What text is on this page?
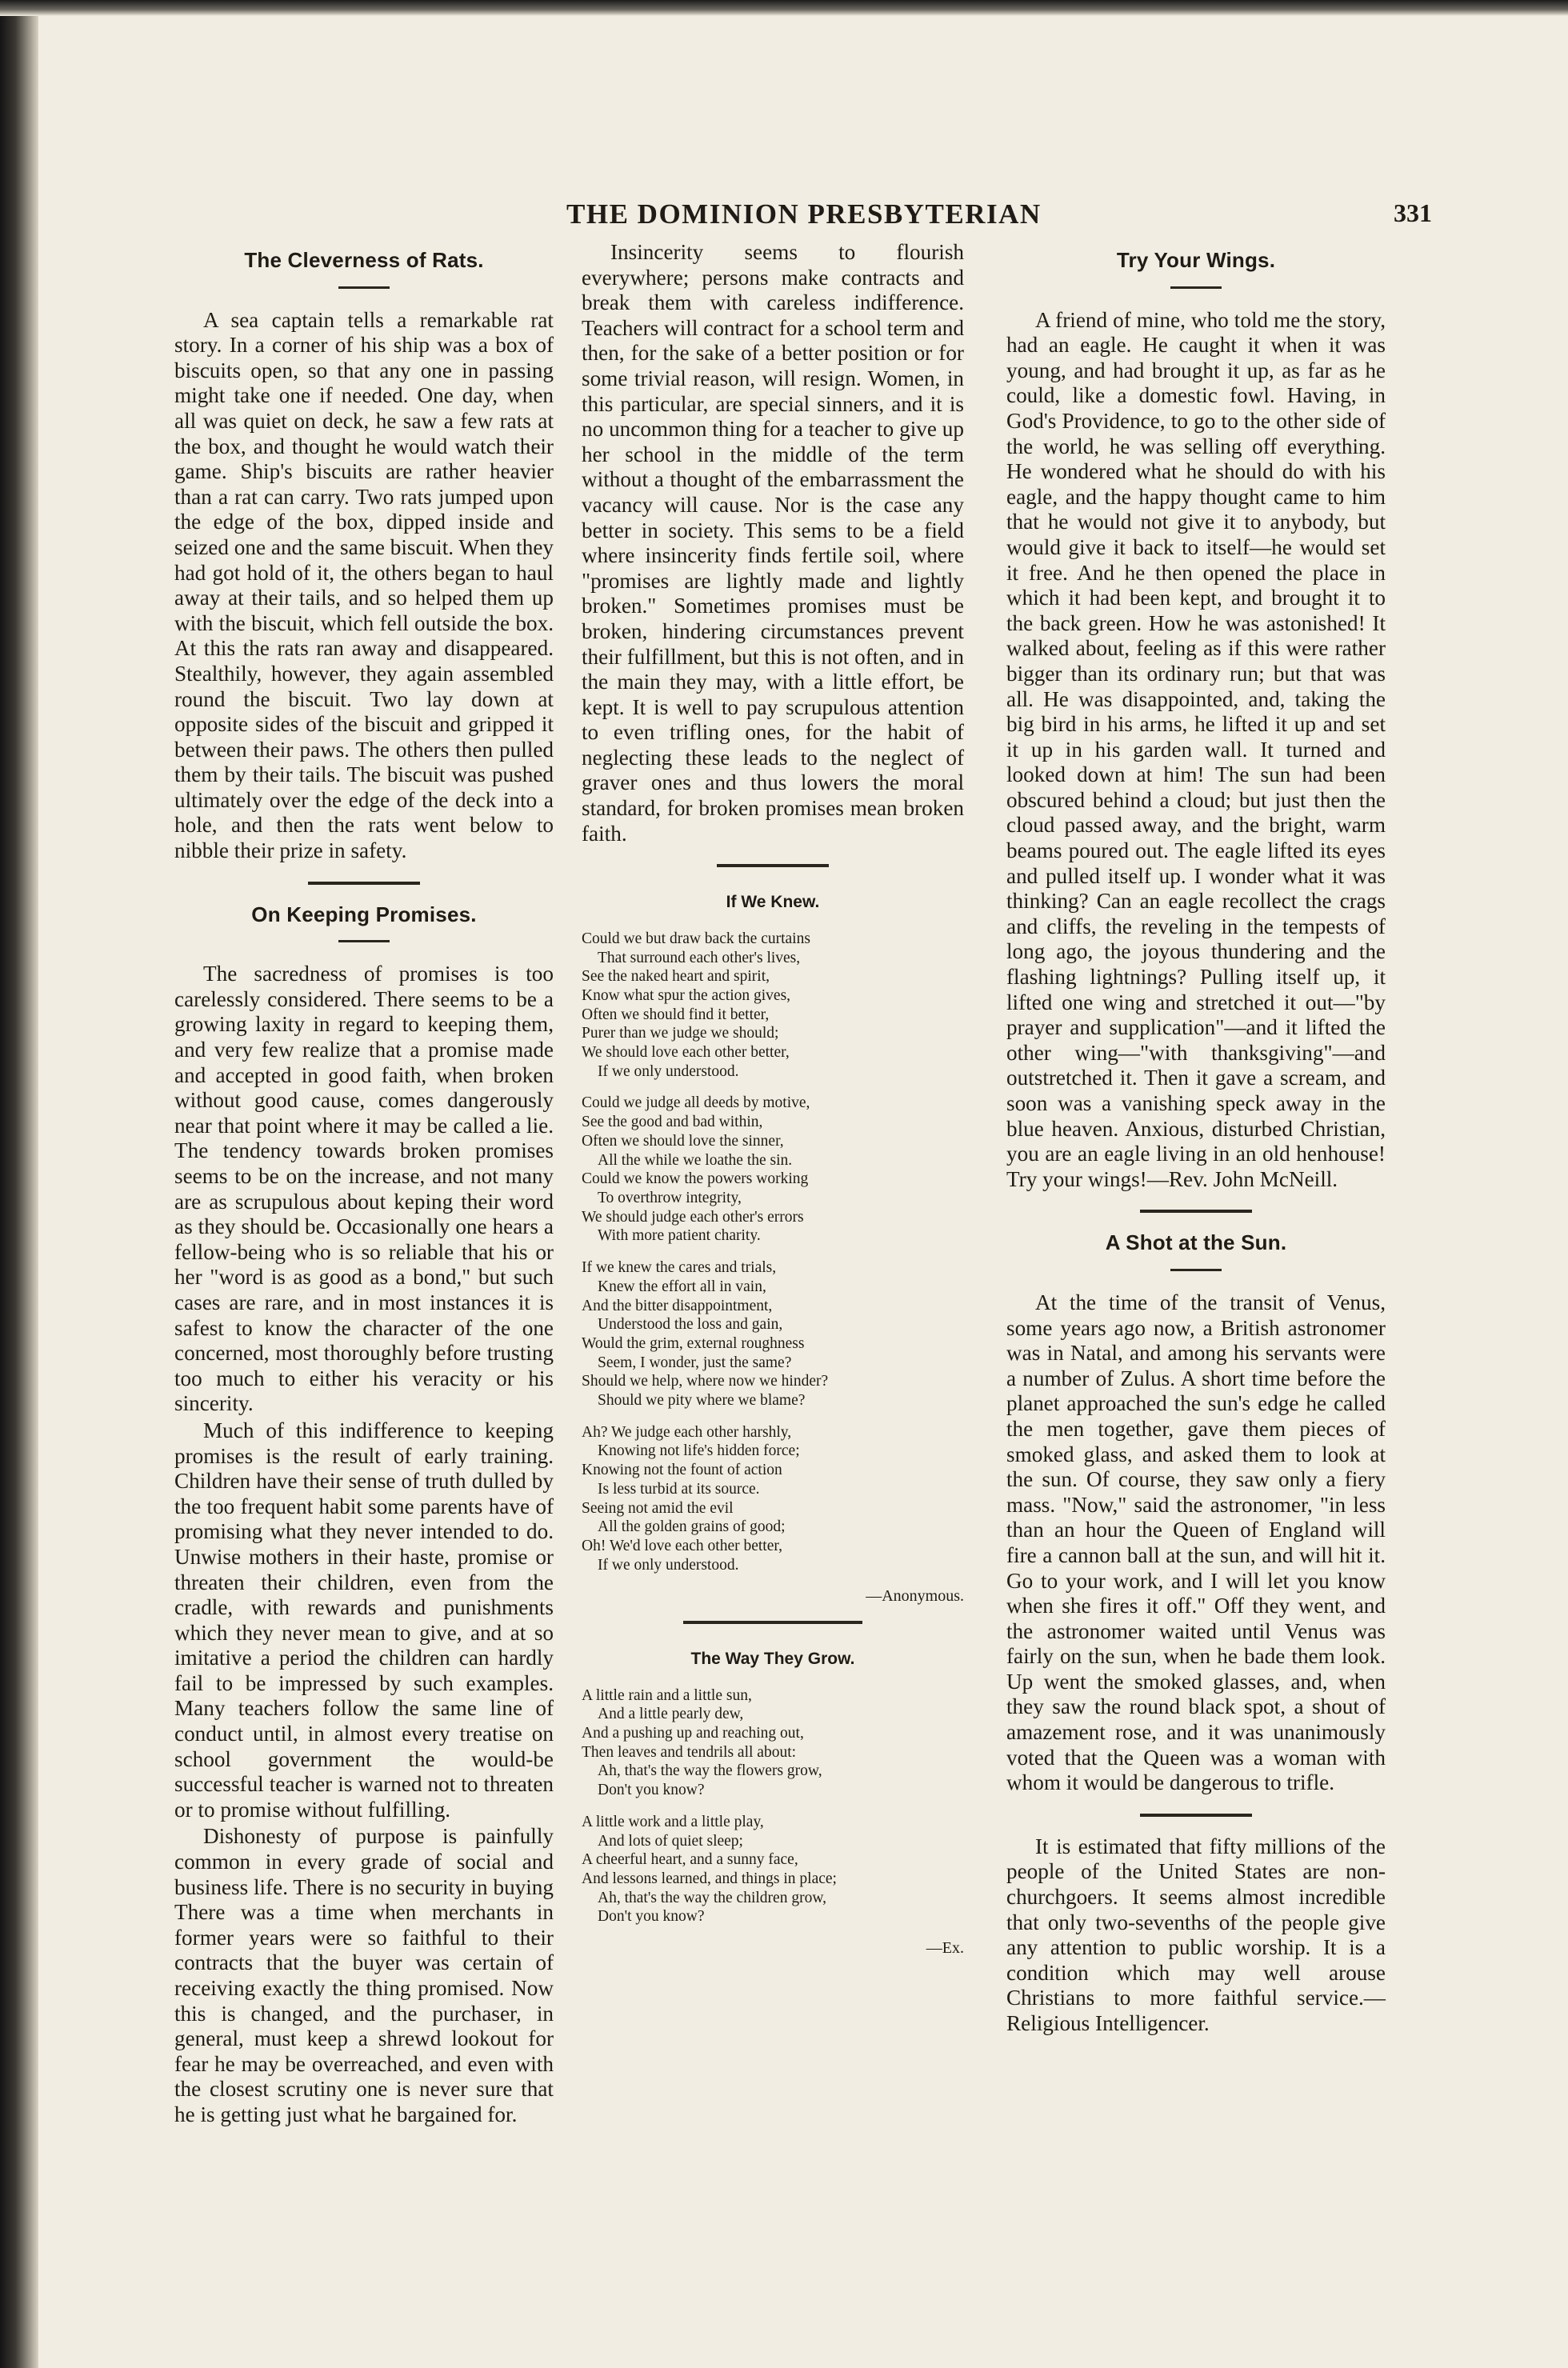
THE DOMINION PRESBYTERIAN	331
The Cleverness of Rats.

A sea captain tells a remarkable rat story. In a corner of his ship was a box of biscuits open, so that any one in passing might take one if needed. One day, when all was quiet on deck, he saw a few rats at the box, and thought he would watch their game. Ship's biscuits are rather heavier than a rat can carry. Two rats jumped upon the edge of the box, dipped inside and seized one and the same biscuit. When they had got hold of it, the others began to haul away at their tails, and so helped them up with the biscuit, which fell outside the box. At this the rats ran away and disappeared. Stealthily, however, they again assembled round the biscuit. Two lay down at opposite sides of the biscuit and gripped it between their paws. The others then pulled them by their tails. The biscuit was pushed ultimately over the edge of the deck into a hole, and then the rats went below to nibble their prize in safety.

On Keeping Promises.

The sacredness of promises is too carelessly considered. There seems to be a growing laxity in regard to keeping them, and very few realize that a promise made and accepted in good faith, when broken without good cause, comes dangerously near that point where it may be called a lie. The tendency towards broken promises seems to be on the increase, and not many are as scrupulous about keping their word as they should be. Occasionally one hears a fellow-being who is so reliable that his or her "word is as good as a bond," but such cases are rare, and in most instances it is safest to know the character of the one concerned, most thoroughly before trusting too much to either his veracity or his sincerity.

Much of this indifference to keeping promises is the result of early training. Children have their sense of truth dulled by the too frequent habit some parents have of promising what they never intended to do. Unwise mothers in their haste, promise or threaten their children, even from the cradle, with rewards and punishments which they never mean to give, and at so imitative a period the children can hardly fail to be impressed by such examples. Many teachers follow the same line of conduct until, in almost every treatise on school government the would-be successful teacher is warned not to threaten or to promise without fulfilling.

Dishonesty of purpose is painfully common in every grade of social and business life. There is no security in buying There was a time when merchants in former years were so faithful to their contracts that the buyer was certain of receiving exactly the thing promised. Now this is changed, and the purchaser, in general, must keep a shrewd lookout for fear he may be overreached, and even with the closest scrutiny one is never sure that he is getting just what he bargained for.

Insincerity seems to flourish everywhere; persons make contracts and break them with careless indifference. Teachers will contract for a school term and then, for the sake of a better position or for some trivial reason, will resign. Women, in this particular, are special sinners, and it is no uncommon thing for a teacher to give up her school in the middle of the term without a thought of the embarrassment the vacancy will cause. Nor is the case any better in society. This sems to be a field where insincerity finds fertile soil, where "promises are lightly made and lightly broken." Sometimes promises must be broken, hindering circumstances prevent their fulfillment, but this is not often, and in the main they may, with a little effort, be kept. It is well to pay scrupulous attention to even trifling ones, for the habit of neglecting these leads to the neglect of graver ones and thus lowers the moral standard, for broken promises mean broken faith.

If We Knew.
Could we but draw back the curtains
That surround each other's lives,
See the naked heart and spirit,
Know what spur the action gives,
Often we should find it better,
Purer than we judge we should;
We should love each other better,
If we only understood.
Could we judge all deeds by motive,
See the good and bad within,
Often we should love the sinner,
All the while we loathe the sin.
Could we know the powers working
To overthrow integrity,
We should judge each other's errors
With more patient charity.
If we knew the cares and trials,
Knew the effort all in vain,
And the bitter disappointment,
Understood the loss and gain,
Would the grim, external roughness
Seem, I wonder, just the same?
Should we help, where now we hinder?
Should we pity where we blame?
Ah? We judge each other harshly,
Knowing not life's hidden force;
Knowing not the fount of action
Is less turbid at its source.
Seeing not amid the evil
All the golden grains of good;
Oh! We'd love each other better,
If we only understood.
—Anonymous.
The Way They Grow.
A little rain and a little sun,
And a little pearly dew,
And a pushing up and reaching out,
Then leaves and tendrils all about:
Ah, that's the way the flowers grow,
Don't you know?
A little work and a little play,
And lots of quiet sleep;
A cheerful heart, and a sunny face,
And lessons learned, and things in place;
Ah, that's the way the children grow,
Don't you know?
—Ex.
Try Your Wings.

A friend of mine, who told me the story, had an eagle. He caught it when it was young, and had brought it up, as far as he could, like a domestic fowl. Having, in God's Providence, to go to the other side of the world, he was selling off everything. He wondered what he should do with his eagle, and the happy thought came to him that he would not give it to anybody, but would give it back to itself—he would set it free. And he then opened the place in which it had been kept, and brought it to the back green. How he was astonished! It walked about, feeling as if this were rather bigger than its ordinary run; but that was all. He was disappointed, and, taking the big bird in his arms, he lifted it up and set it up in his garden wall. It turned and looked down at him! The sun had been obscured behind a cloud; but just then the cloud passed away, and the bright, warm beams poured out. The eagle lifted its eyes and pulled itself up. I wonder what it was thinking? Can an eagle recollect the crags and cliffs, the reveling in the tempests of long ago, the joyous thundering and the flashing lightnings? Pulling itself up, it lifted one wing and stretched it out—"by prayer and supplication"—and it lifted the other wing—"with thanksgiving"—and outstretched it. Then it gave a scream, and soon was a vanishing speck away in the blue heaven. Anxious, disturbed Christian, you are an eagle living in an old henhouse! Try your wings!—Rev. John McNeill.

A Shot at the Sun.

At the time of the transit of Venus, some years ago now, a British astronomer was in Natal, and among his servants were a number of Zulus. A short time before the planet approached the sun's edge he called the men together, gave them pieces of smoked glass, and asked them to look at the sun. Of course, they saw only a fiery mass. "Now," said the astronomer, "in less than an hour the Queen of England will fire a cannon ball at the sun, and will hit it. Go to your work, and I will let you know when she fires it off." Off they went, and the astronomer waited until Venus was fairly on the sun, when he bade them look. Up went the smoked glasses, and, when they saw the round black spot, a shout of amazement rose, and it was unanimously voted that the Queen was a woman with whom it would be dangerous to trifle.

It is estimated that fifty millions of the people of the United States are non-churchgoers. It seems almost incredible that only two-sevenths of the people give any attention to public worship. It is a condition which may well arouse Christians to more faithful service.—Religious Intelligencer.
